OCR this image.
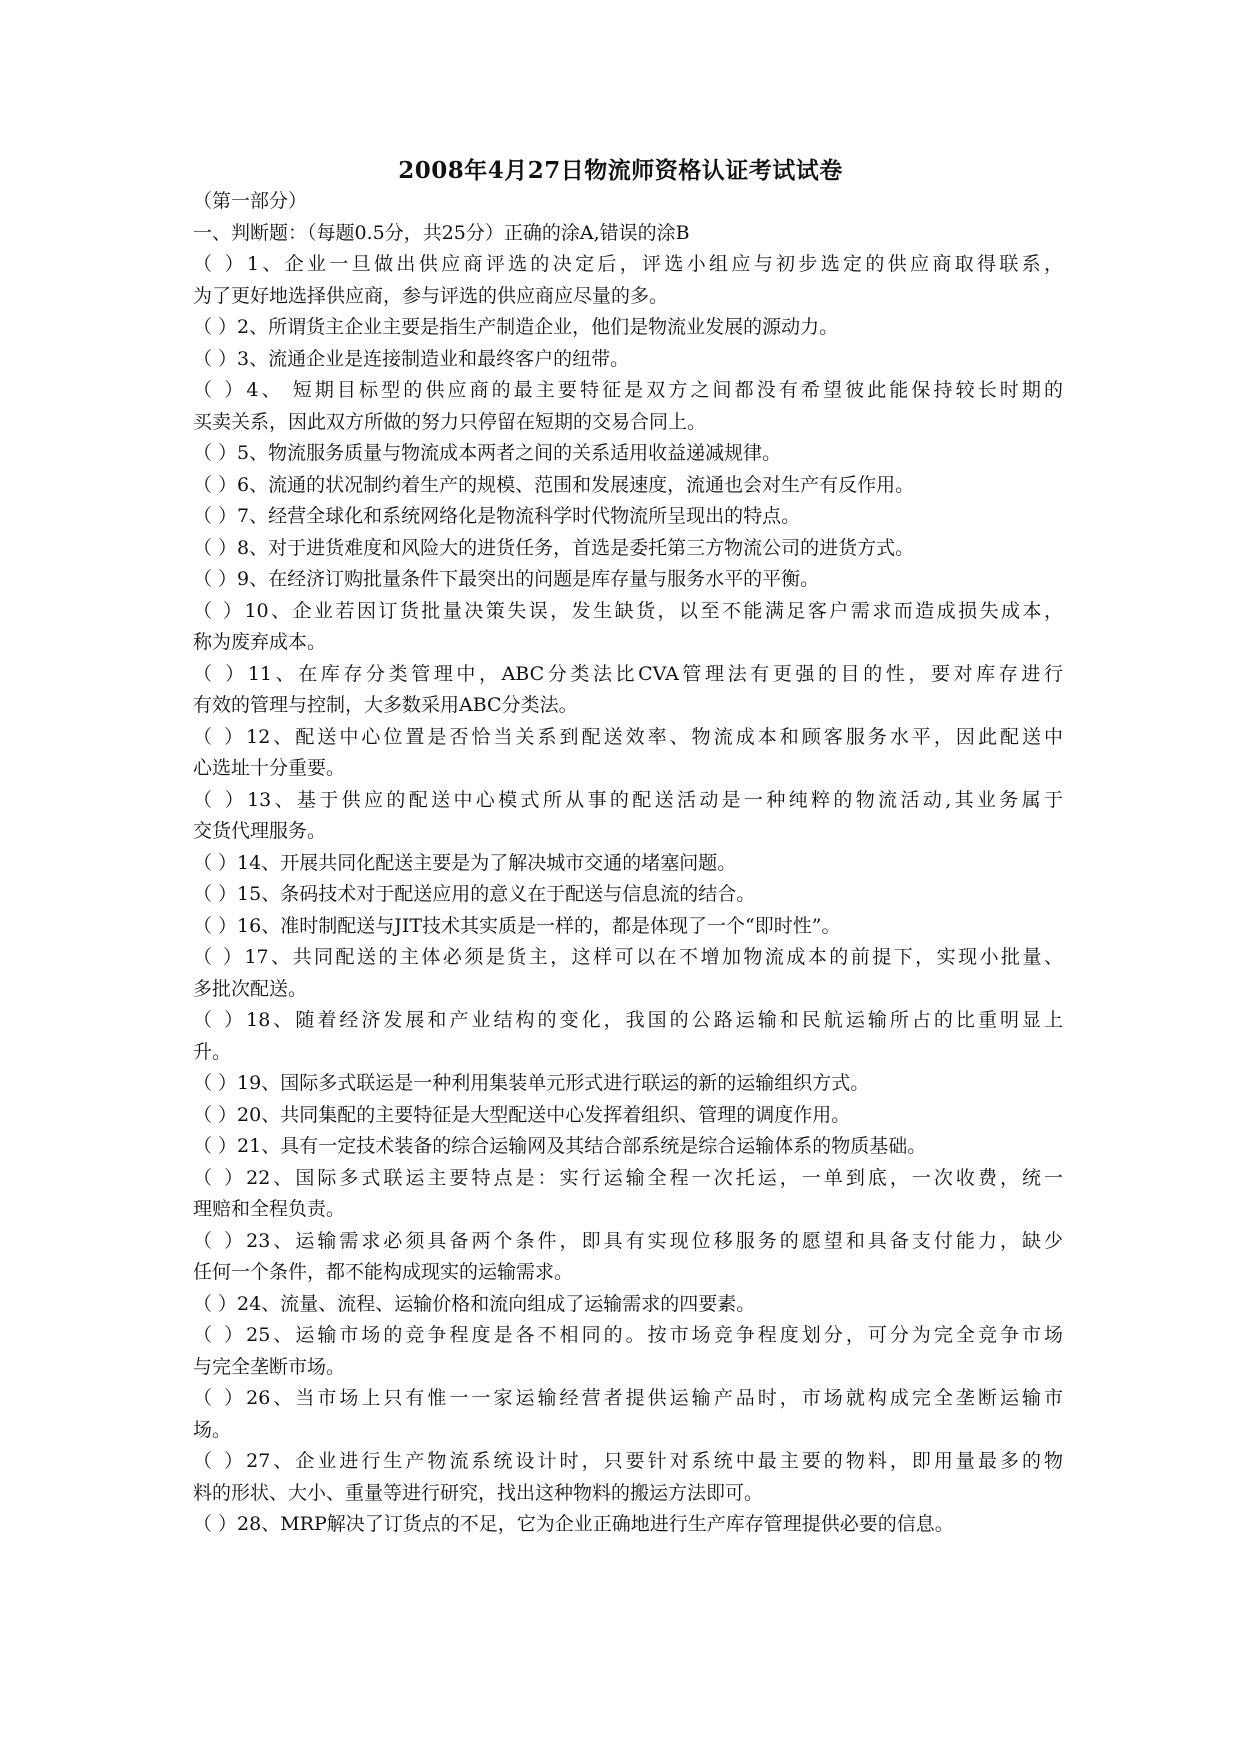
2008年4月27日物流师资格认证考试试卷
（第一部分）
一、判断题：（每题0.5分，共25分）正确的涂A,错误的涂B
（ ）1、企业一旦做出供应商评选的决定后，评选小组应与初步选定的供应商取得联系，
为了更好地选择供应商，参与评选的供应商应尽量的多。
（ ）2、所谓货主企业主要是指生产制造企业，他们是物流业发展的源动力。
（ ）3、流通企业是连接制造业和最终客户的纽带。
（ ）4、 短期目标型的供应商的最主要特征是双方之间都没有希望彼此能保持较长时期的
买卖关系，因此双方所做的努力只停留在短期的交易合同上。
（ ）5、物流服务质量与物流成本两者之间的关系适用收益递减规律。
（ ）6、流通的状况制约着生产的规模、范围和发展速度，流通也会对生产有反作用。
（ ）7、经营全球化和系统网络化是物流科学时代物流所呈现出的特点。
（ ）8、对于进货难度和风险大的进货任务，首选是委托第三方物流公司的进货方式。
（ ）9、在经济订购批量条件下最突出的问题是库存量与服务水平的平衡。
（ ）10、企业若因订货批量决策失误，发生缺货，以至不能满足客户需求而造成损失成本，
称为废弃成本。
（ ）11、在库存分类管理中，ABC分类法比CVA管理法有更强的目的性，要对库存进行
有效的管理与控制，大多数采用ABC分类法。
（ ）12、配送中心位置是否恰当关系到配送效率、物流成本和顾客服务水平，因此配送中
心选址十分重要。
（ ）13、基于供应的配送中心模式所从事的配送活动是一种纯粹的物流活动,其业务属于
交货代理服务。
（ ）14、开展共同化配送主要是为了解决城市交通的堵塞问题。
（ ）15、条码技术对于配送应用的意义在于配送与信息流的结合。
（ ）16、准时制配送与JIT技术其实质是一样的，都是体现了一个“即时性”。
（ ）17、共同配送的主体必须是货主，这样可以在不增加物流成本的前提下，实现小批量、
多批次配送。
（ ）18、随着经济发展和产业结构的变化，我国的公路运输和民航运输所占的比重明显上
升。
（ ）19、国际多式联运是一种利用集装单元形式进行联运的新的运输组织方式。
（ ）20、共同集配的主要特征是大型配送中心发挥着组织、管理的调度作用。
（ ）21、具有一定技术装备的综合运输网及其结合部系统是综合运输体系的物质基础。
（ ）22、国际多式联运主要特点是：实行运输全程一次托运，一单到底，一次收费，统一
理赔和全程负责。
（ ）23、运输需求必须具备两个条件，即具有实现位移服务的愿望和具备支付能力，缺少
任何一个条件，都不能构成现实的运输需求。
（ ）24、流量、流程、运输价格和流向组成了运输需求的四要素。
（ ）25、运输市场的竞争程度是各不相同的。按市场竞争程度划分，可分为完全竞争市场
与完全垄断市场。
（ ）26、当市场上只有惟一一家运输经营者提供运输产品时，市场就构成完全垄断运输市
场。
（ ）27、企业进行生产物流系统设计时，只要针对系统中最主要的物料，即用量最多的物
料的形状、大小、重量等进行研究，找出这种物料的搬运方法即可。
（ ）28、MRP解决了订货点的不足，它为企业正确地进行生产库存管理提供必要的信息。
